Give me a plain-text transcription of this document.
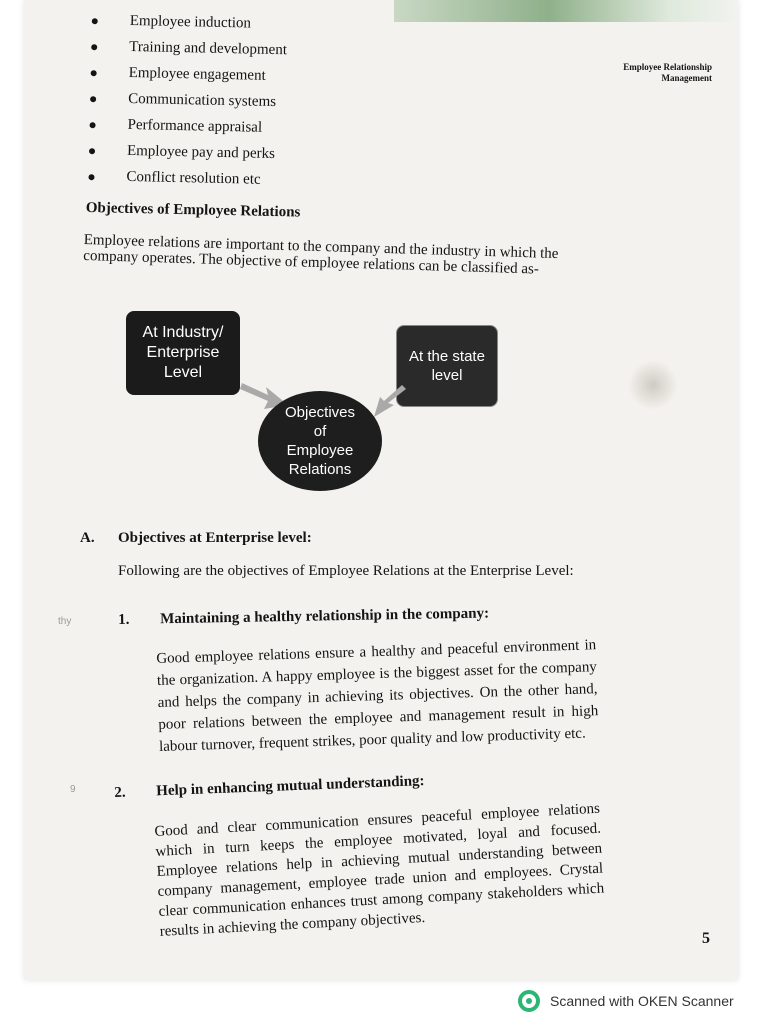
Employee Relationship
Management
Employee induction
Training and development
Employee engagement
Communication systems
Performance appraisal
Employee pay and perks
Conflict resolution etc
Objectives of Employee Relations
Employee relations are important to the company and the industry in which the company operates. The objective of employee relations can be classified as-
At Industry/
Enterprise
Level
At the state
level
Objectives
of
Employee
Relations
A. Objectives at Enterprise level:
Following are the objectives of Employee Relations at the Enterprise Level:
thy	1. Maintaining a healthy relationship in the company:
Good employee relations ensure a healthy and peaceful environment in the organization. A happy employee is the biggest asset for the company and helps the company in achieving its objectives. On the other hand, poor relations between the employee and management result in high labour turnover, frequent strikes, poor quality and low productivity etc.
9	2. Help in enhancing mutual understanding:
Good and clear communication ensures peaceful employee relations which in turn keeps the employee motivated, loyal and focused. Employee relations help in achieving mutual understanding between company management, employee trade union and employees. Crystal clear communication enhances trust among company stakeholders which results in achieving the company objectives.	5
Scanned with OKEN Scanner
